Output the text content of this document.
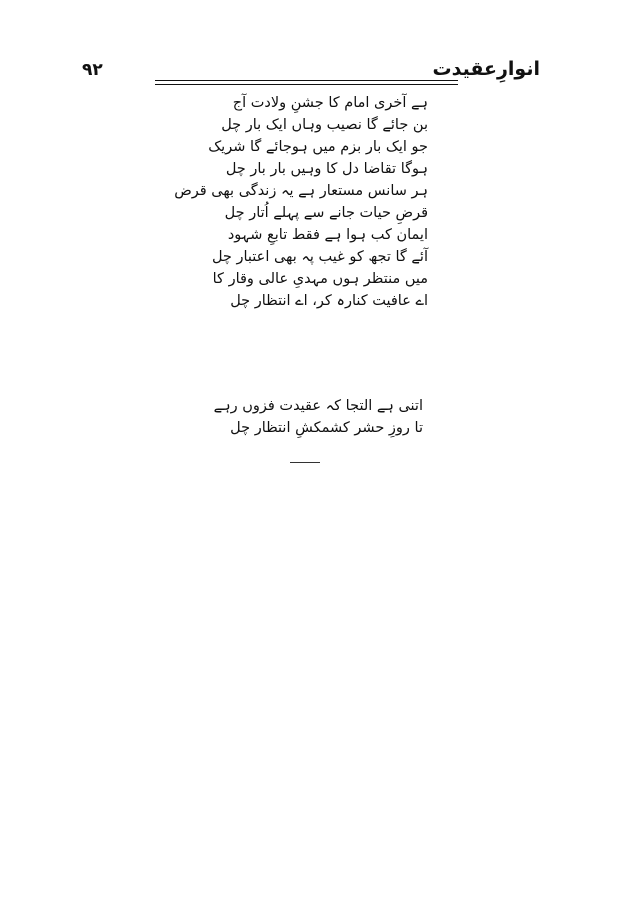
انوارِعقیدت
۹۲
ہے آخری امام کا جشنِ ولادت آج
بن جائے گا نصیب وہاں ایک بار چل
جو ایک بار بزم میں ہوجائے گا شریک
ہوگا تقاضا دل کا وہیں بار بار چل
ہر سانس مستعار ہے یہ زندگی بھی قرض
قرضِ حیات جانے سے پہلے اُتار چل
ایمان کب ہوا ہے فقط تابعِ شہود
آئے گا تجھ کو غیب پہ بھی اعتبار چل
میں منتظر ہوں مہدیِ عالی وقار کا
اے عافیت کنارہ کر، اے انتظار چل
اتنی ہے التجا کہ عقیدت فزوں رہے
تا روزِ حشر کشمکشِ انتظار چل
